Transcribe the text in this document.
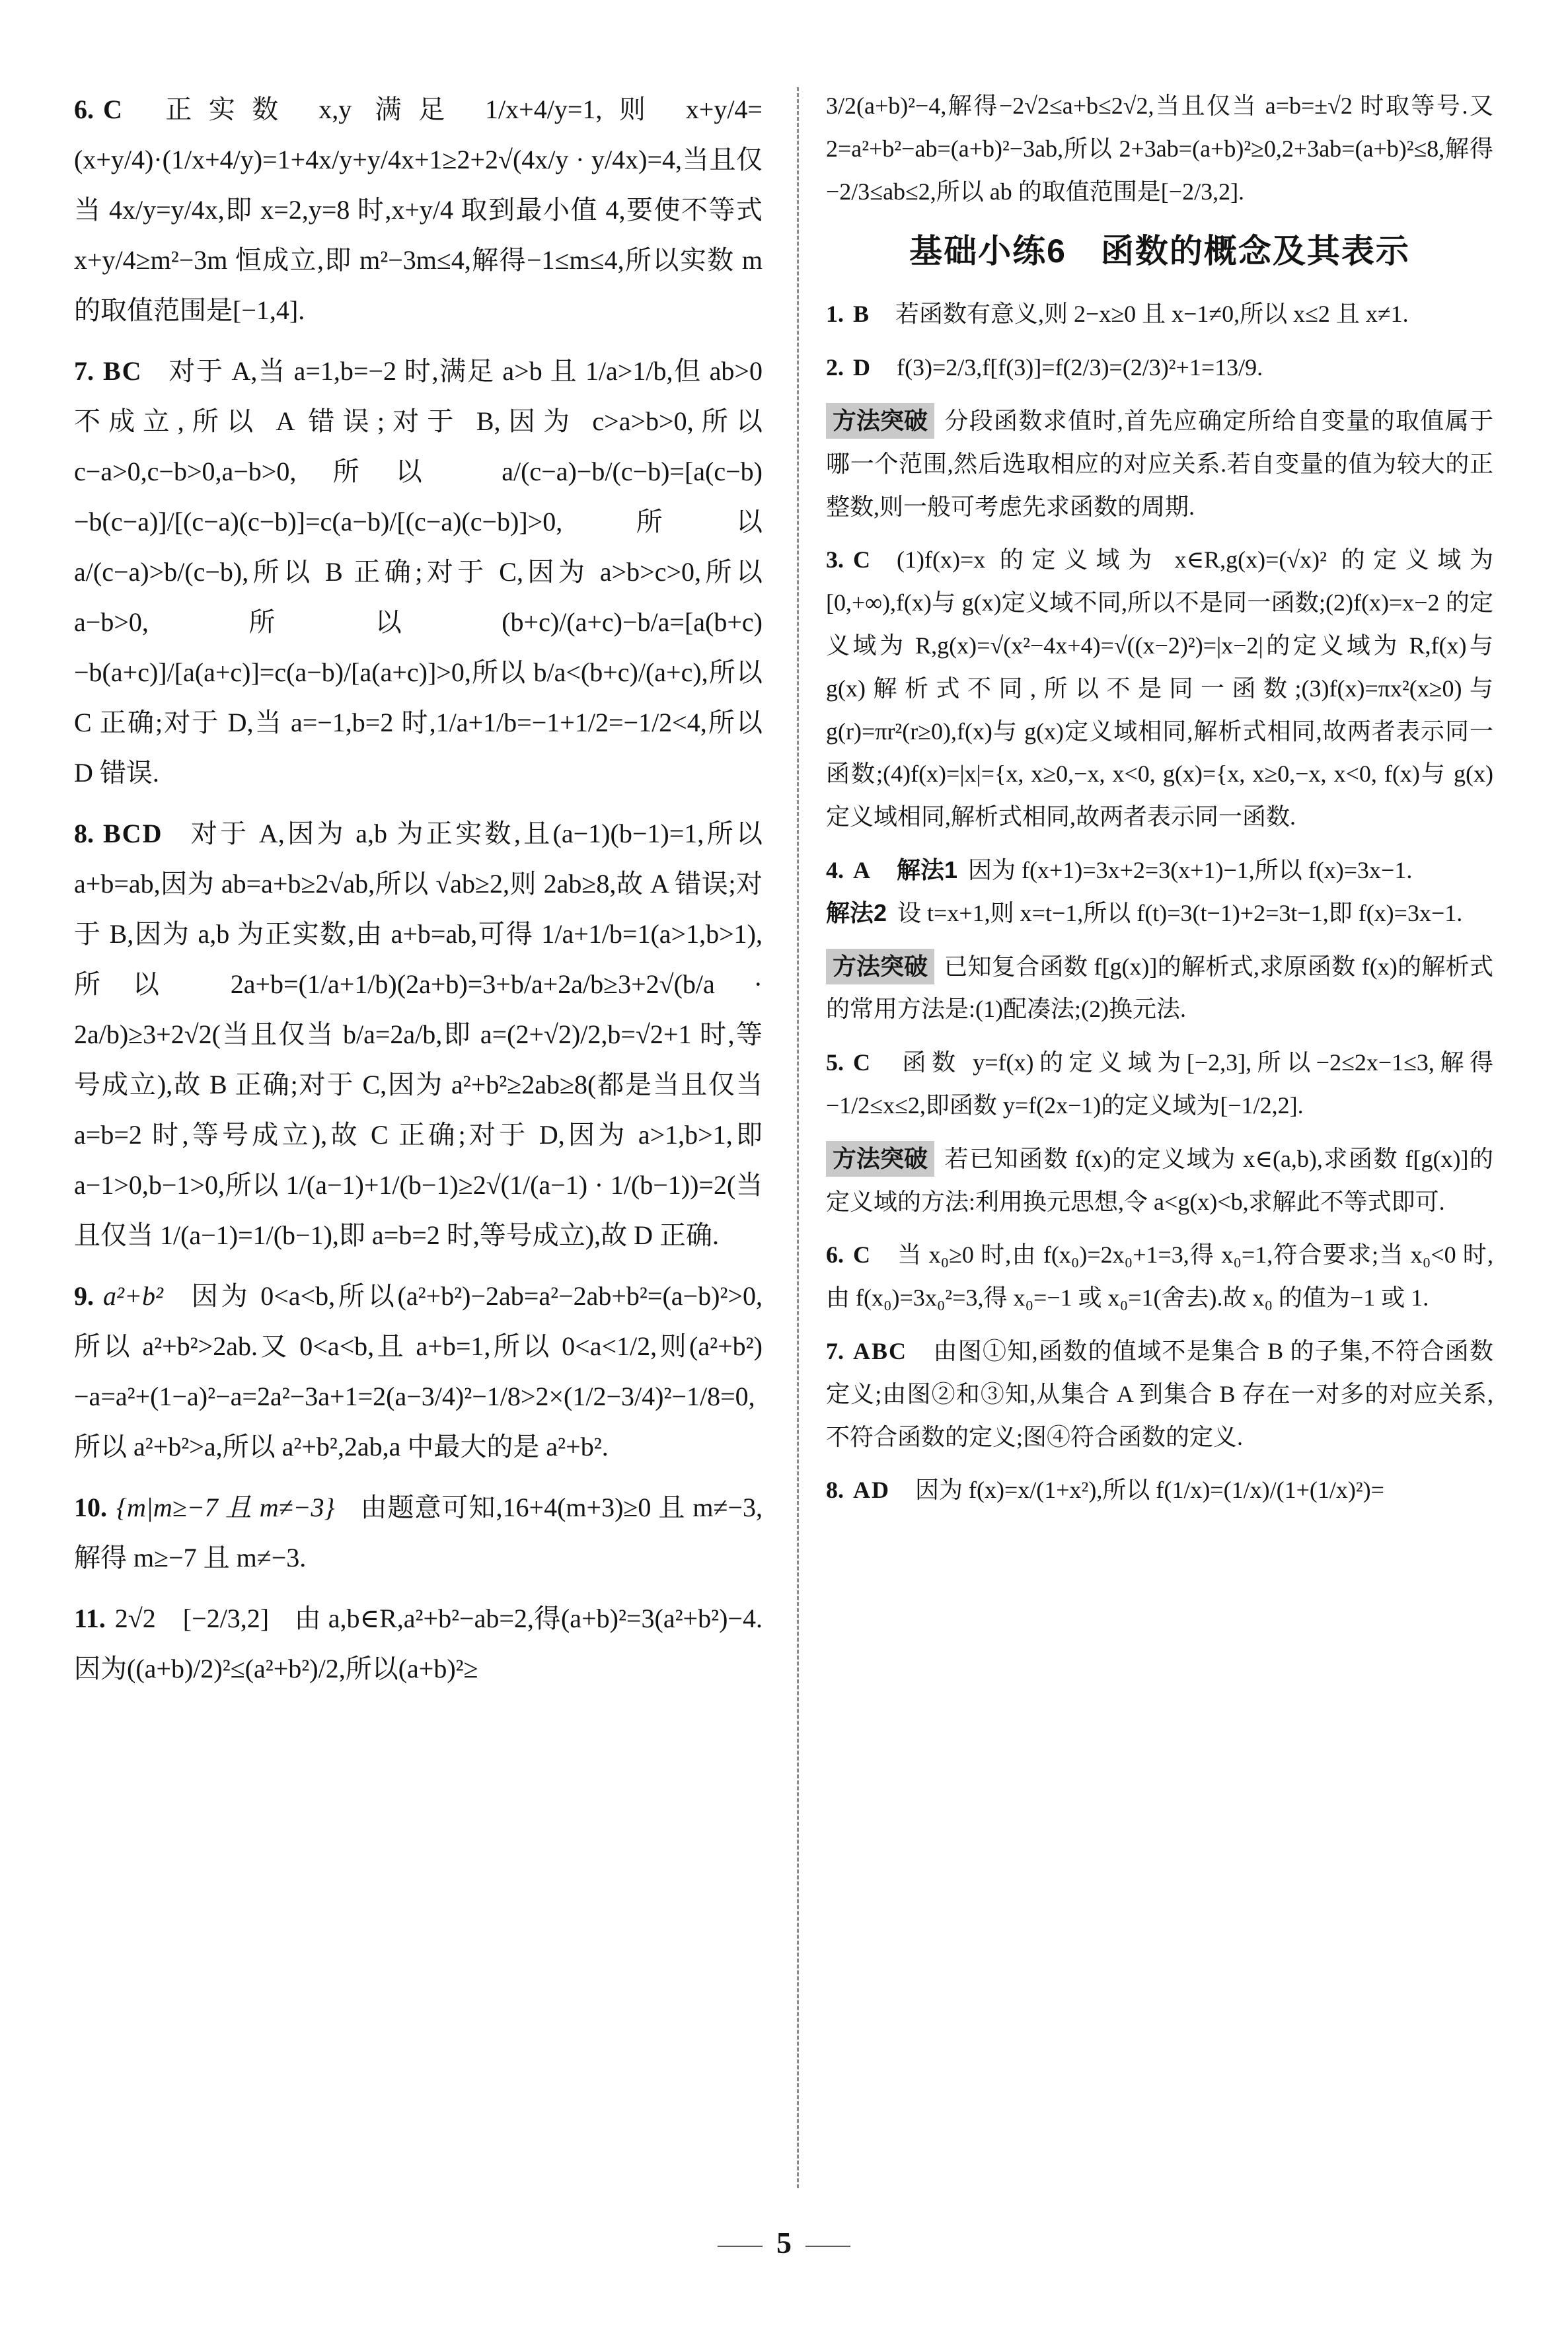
6. C 正实数 x,y 满足 1/x+4/y=1,则 x+y/4=(x+y/4)·(1/x+4/y)=1+4x/y+y/4x+1≥2+2√(4x/y · y/4x)=4,当且仅当 4x/y=y/4x,即 x=2,y=8 时,x+y/4 取到最小值 4,要使不等式 x+y/4≥m²−3m 恒成立,即 m²−3m≤4,解得−1≤m≤4,所以实数 m 的取值范围是[−1,4].

7. BC 对于 A,当 a=1,b=−2 时,满足 a>b 且 1/a>1/b,但 ab>0 不成立,所以 A 错误;对于 B,因为 c>a>b>0,所以 c−a>0,c−b>0,a−b>0,所以 a/(c−a)−b/(c−b)=[a(c−b)−b(c−a)]/[(c−a)(c−b)]=c(a−b)/[(c−a)(c−b)]>0,所以 a/(c−a)>b/(c−b),所以 B 正确;对于 C,因为 a>b>c>0,所以 a−b>0,所以(b+c)/(a+c)−b/a=[a(b+c)−b(a+c)]/[a(a+c)]=c(a−b)/[a(a+c)]>0,所以 b/a<(b+c)/(a+c),所以 C 正确;对于 D,当 a=−1,b=2 时,1/a+1/b=−1+1/2=−1/2<4,所以 D 错误.

8. BCD 对于 A,因为 a,b 为正实数,且(a−1)(b−1)=1,所以 a+b=ab,因为 ab=a+b≥2√ab,所以 √ab≥2,则 2ab≥8,故 A 错误;对于 B,因为 a,b 为正实数,由 a+b=ab,可得 1/a+1/b=1(a>1,b>1),所以 2a+b=(1/a+1/b)(2a+b)=3+b/a+2a/b≥3+2√(b/a · 2a/b)≥3+2√2(当且仅当 b/a=2a/b,即 a=(2+√2)/2,b=√2+1 时,等号成立),故 B 正确;对于 C,因为 a²+b²≥2ab≥8(都是当且仅当 a=b=2 时,等号成立),故 C 正确;对于 D,因为 a>1,b>1,即 a−1>0,b−1>0,所以 1/(a−1)+1/(b−1)≥2√(1/(a−1) · 1/(b−1))=2(当且仅当 1/(a−1)=1/(b−1),即 a=b=2 时,等号成立),故 D 正确.

9. a²+b² 因为 0<a<b,所以(a²+b²)−2ab=a²−2ab+b²=(a−b)²>0,所以 a²+b²>2ab.又 0<a<b,且 a+b=1,所以 0<a<1/2,则(a²+b²)−a=a²+(1−a)²−a=2a²−3a+1=2(a−3/4)²−1/8>2×(1/2−3/4)²−1/8=0,所以 a²+b²>a,所以 a²+b²,2ab,a 中最大的是 a²+b².

10. {m|m≥−7 且 m≠−3} 由题意可知,16+4(m+3)≥0 且 m≠−3,解得 m≥−7 且 m≠−3.

11. 2√2　[−2/3,2] 由 a,b∈R,a²+b²−ab=2,得(a+b)²=3(a²+b²)−4.因为((a+b)/2)²≤(a²+b²)/2,所以(a+b)²≥

3/2(a+b)²−4,解得−2√2≤a+b≤2√2,当且仅当 a=b=±√2 时取等号.又 2=a²+b²−ab=(a+b)²−3ab,所以 2+3ab=(a+b)²≥0,2+3ab=(a+b)²≤8,解得−2/3≤ab≤2,所以 ab 的取值范围是[−2/3,2].

基础小练6　函数的概念及其表示

1. B 若函数有意义,则 2−x≥0 且 x−1≠0,所以 x≤2 且 x≠1.

2. D f(3)=2/3,f[f(3)]=f(2/3)=(2/3)²+1=13/9.

方法突破 分段函数求值时,首先应确定所给自变量的取值属于哪一个范围,然后选取相应的对应关系.若自变量的值为较大的正整数,则一般可考虑先求函数的周期.

3. C (1)f(x)=x 的定义域为 x∈R,g(x)=(√x)² 的定义域为[0,+∞),f(x)与 g(x)定义域不同,所以不是同一函数;(2)f(x)=x−2 的定义域为 R,g(x)=√(x²−4x+4)=√((x−2)²)=|x−2|的定义域为 R,f(x)与 g(x)解析式不同,所以不是同一函数;(3)f(x)=πx²(x≥0)与 g(r)=πr²(r≥0),f(x)与 g(x)定义域相同,解析式相同,故两者表示同一函数;(4)f(x)=|x|={x, x≥0,−x, x<0, g(x)={x, x≥0,−x, x<0, f(x)与 g(x)定义域相同,解析式相同,故两者表示同一函数.

4. A 解法1 因为 f(x+1)=3x+2=3(x+1)−1,所以 f(x)=3x−1.
解法2 设 t=x+1,则 x=t−1,所以 f(t)=3(t−1)+2=3t−1,即 f(x)=3x−1.

方法突破 已知复合函数 f[g(x)]的解析式,求原函数 f(x)的解析式的常用方法是:(1)配凑法;(2)换元法.

5. C 函数 y=f(x)的定义域为[−2,3],所以−2≤2x−1≤3,解得−1/2≤x≤2,即函数 y=f(2x−1)的定义域为[−1/2,2].

方法突破 若已知函数 f(x)的定义域为 x∈(a,b),求函数 f[g(x)]的定义域的方法:利用换元思想,令 a<g(x)<b,求解此不等式即可.

6. C 当 x₀≥0 时,由 f(x₀)=2x₀+1=3,得 x₀=1,符合要求;当 x₀<0 时,由 f(x₀)=3x₀²=3,得 x₀=−1 或 x₀=1(舍去).故 x₀ 的值为−1 或 1.

7. ABC 由图①知,函数的值域不是集合 B 的子集,不符合函数定义;由图②和③知,从集合 A 到集合 B 存在一对多的对应关系,不符合函数的定义;图④符合函数的定义.

8. AD 因为 f(x)=x/(1+x²),所以 f(1/x)=(1/x)/(1+(1/x)²)=

— 5 —
